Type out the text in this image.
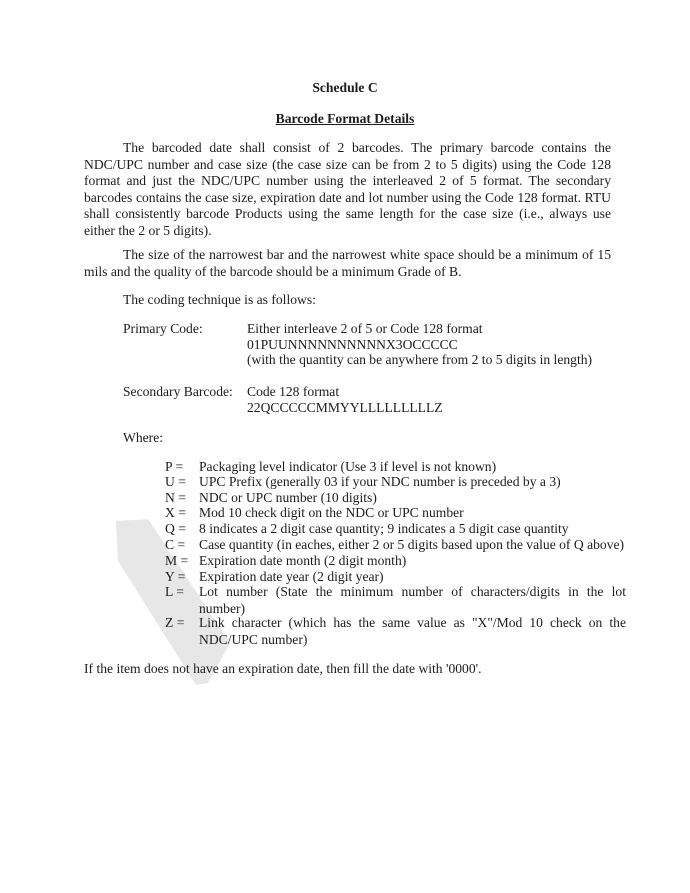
Schedule C
Barcode Format Details
The barcoded date shall consist of 2 barcodes. The primary barcode contains the NDC/UPC number and case size (the case size can be from 2 to 5 digits) using the Code 128 format and just the NDC/UPC number using the interleaved 2 of 5 format. The secondary barcodes contains the case size, expiration date and lot number using the Code 128 format. RTU shall consistently barcode Products using the same length for the case size (i.e., always use either the 2 or 5 digits).
The size of the narrowest bar and the narrowest white space should be a minimum of 15 mils and the quality of the barcode should be a minimum Grade of B.
The coding technique is as follows:
Primary Code:	Either interleave 2 of 5 or Code 128 format
01PUUNNNNNNNNNNX3OCCCCC
(with the quantity can be anywhere from 2 to 5 digits in length)
Secondary Barcode: Code 128 format
22QCCCCCMMYYLLLLLLLLLZ
Where:
P =	Packaging level indicator (Use 3 if level is not known)
U = UPC Prefix (generally 03 if your NDC number is preceded by a 3)
N = NDC or UPC number (10 digits)
X = Mod 10 check digit on the NDC or UPC number
Q = 8 indicates a 2 digit case quantity; 9 indicates a 5 digit case quantity
C =	Case quantity (in eaches, either 2 or 5 digits based upon the value of Q above)
M = Expiration date month (2 digit month)
Y =	Expiration date year (2 digit year)
L =	Lot number (State the minimum number of characters/digits in the lot number)
Z =	Link character (which has the same value as "X"/Mod 10 check on the NDC/UPC number)
If the item does not have an expiration date, then fill the date with '0000'.
